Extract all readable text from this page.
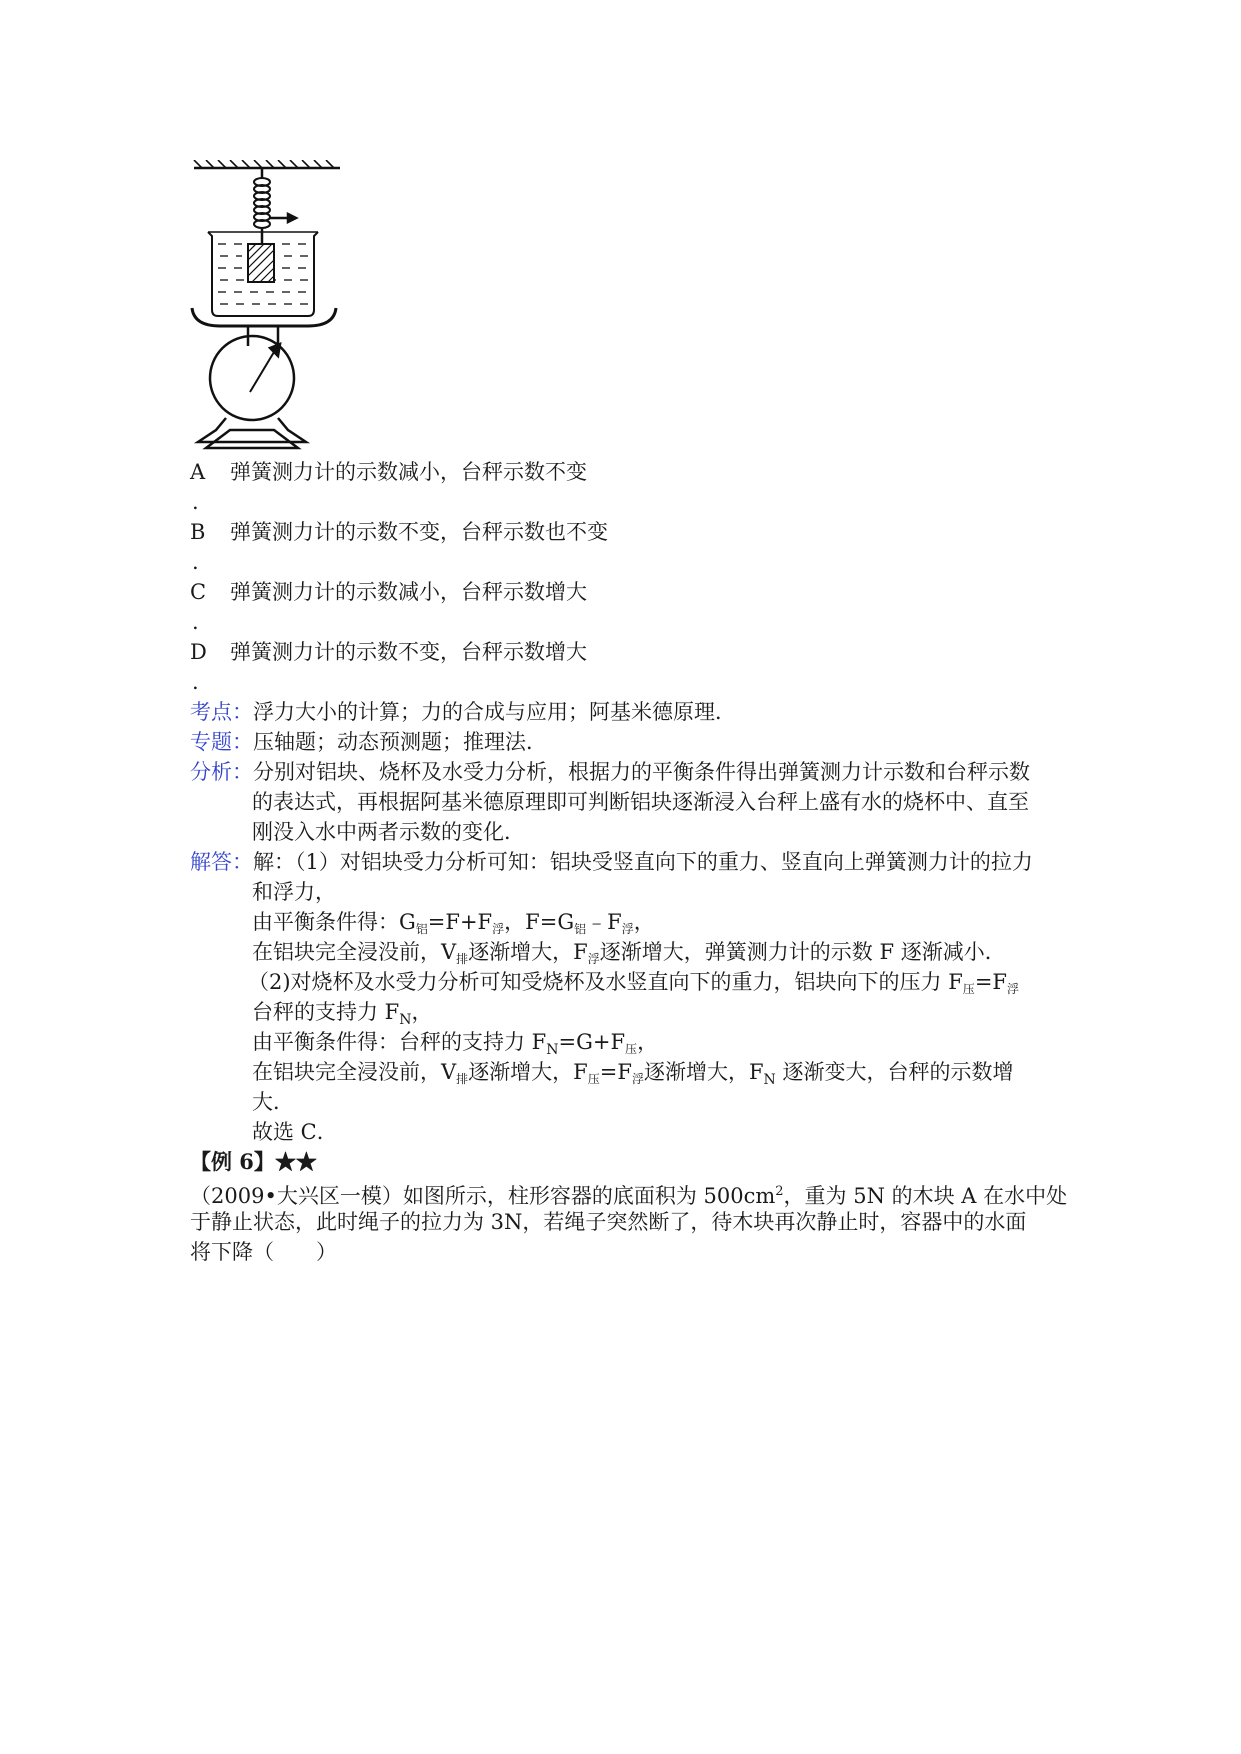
A 弹簧测力计的示数减小，台秤示数不变
.
B 弹簧测力计的示数不变，台秤示数也不变
.
C 弹簧测力计的示数减小，台秤示数增大
.
D 弹簧测力计的示数不变，台秤示数增大
.
考点：浮力大小的计算；力的合成与应用；阿基米德原理．
专题：压轴题；动态预测题；推理法．
分析：分别对铝块、烧杯及水受力分析，根据力的平衡条件得出弹簧测力计示数和台秤示数
的表达式，再根据阿基米德原理即可判断铝块逐渐浸入台秤上盛有水的烧杯中、直至
刚没入水中两者示数的变化．
解答：解：（1）对铝块受力分析可知：铝块受竖直向下的重力、竖直向上弹簧测力计的拉力
和浮力，
由平衡条件得：$G_铝=F+F_浮$，$F=G_铝﹣F_浮$，
在铝块完全浸没前，$V_排$逐渐增大，$F_浮$逐渐增大，弹簧测力计的示数 F 逐渐减小．
（2)对烧杯及水受力分析可知受烧杯及水竖直向下的重力，铝块向下的压力 $F_压=F_浮$
台秤的支持力 $F_N$，
由平衡条件得：台秤的支持力 $F_N=G+F_压$，
在铝块完全浸没前，$V_排$逐渐增大，$F_压=F_浮$逐渐增大，$F_N$ 逐渐变大，台秤的示数增
大．
故选 C．
【例 6】★★
（2009•大兴区一模）如图所示，柱形容器的底面积为 $500cm^2$，重为 5N 的木块 A 在水中处
于静止状态，此时绳子的拉力为 3N，若绳子突然断了，待木块再次静止时，容器中的水面
将下降（　　）
